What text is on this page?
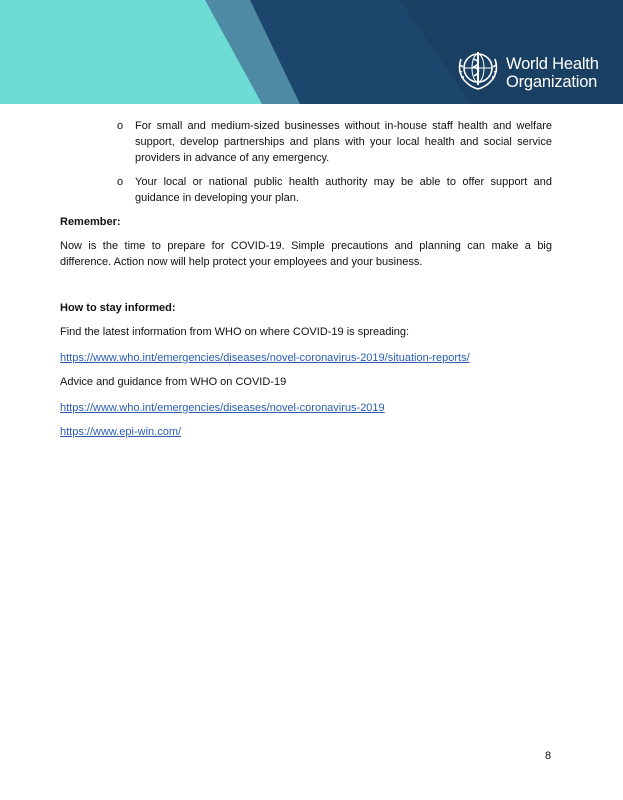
World Health
Organization
o For small and medium-sized businesses without in-house staff health and welfare support, develop partnerships and plans with your local health and social service providers in advance of any emergency.
o Your local or national public health authority may be able to offer support and guidance in developing your plan.

Remember:

Now is the time to prepare for COVID-19. Simple precautions and planning can make a big difference. Action now will help protect your employees and your business.

How to stay informed:

Find the latest information from WHO on where COVID-19 is spreading:

https://www.who.int/emergencies/diseases/novel-coronavirus-2019/situation-reports/

Advice and guidance from WHO on COVID-19

https://www.who.int/emergencies/diseases/novel-coronavirus-2019

https://www.epi-win.com/

8
